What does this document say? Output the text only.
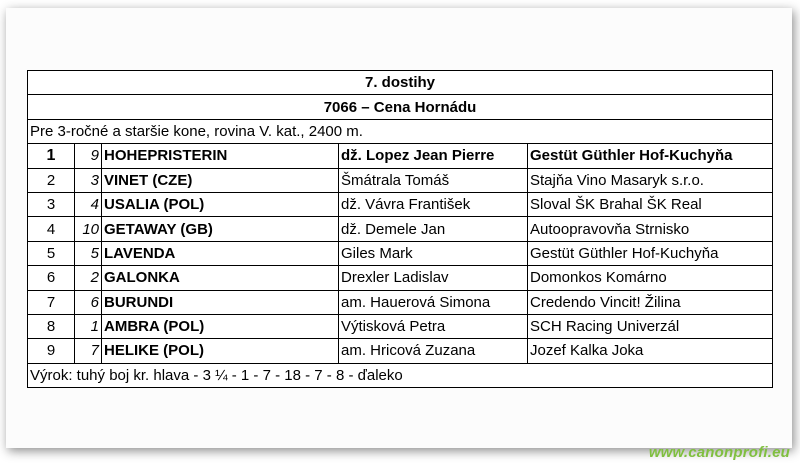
7. dostihy				
7066 – Cena Hornádu				
Pre 3-ročné a staršie kone, rovina V. kat., 2400 m.				
1	9	HOHEPRISTERIN	dž. Lopez Jean Pierre	Gestüt Güthler Hof-Kuchyňa
2	3	VINET (CZE)	Šmátrala Tomáš	Stajňa Vino Masaryk s.r.o.
3	4	USALIA (POL)	dž. Vávra František	Sloval ŠK Brahal ŠK Real
4	10	GETAWAY (GB)	dž. Demele Jan	Autoopravovňa Strnisko
5	5	LAVENDA	Giles Mark	Gestüt Güthler Hof-Kuchyňa
6	2	GALONKA	Drexler Ladislav	Domonkos Komárno
7	6	BURUNDI	am. Hauerová Simona	Credendo Vincit! Žilina
8	1	AMBRA (POL)	Výtisková Petra	SCH Racing Univerzál
9	7	HELIKE (POL)	am. Hricová Zuzana	Jozef Kalka Joka
Výrok: tuhý boj kr. hlava - 3 ¼ - 1 - 7 - 18 - 7 - 8 - ďaleko				
www.canonprofi.eu
